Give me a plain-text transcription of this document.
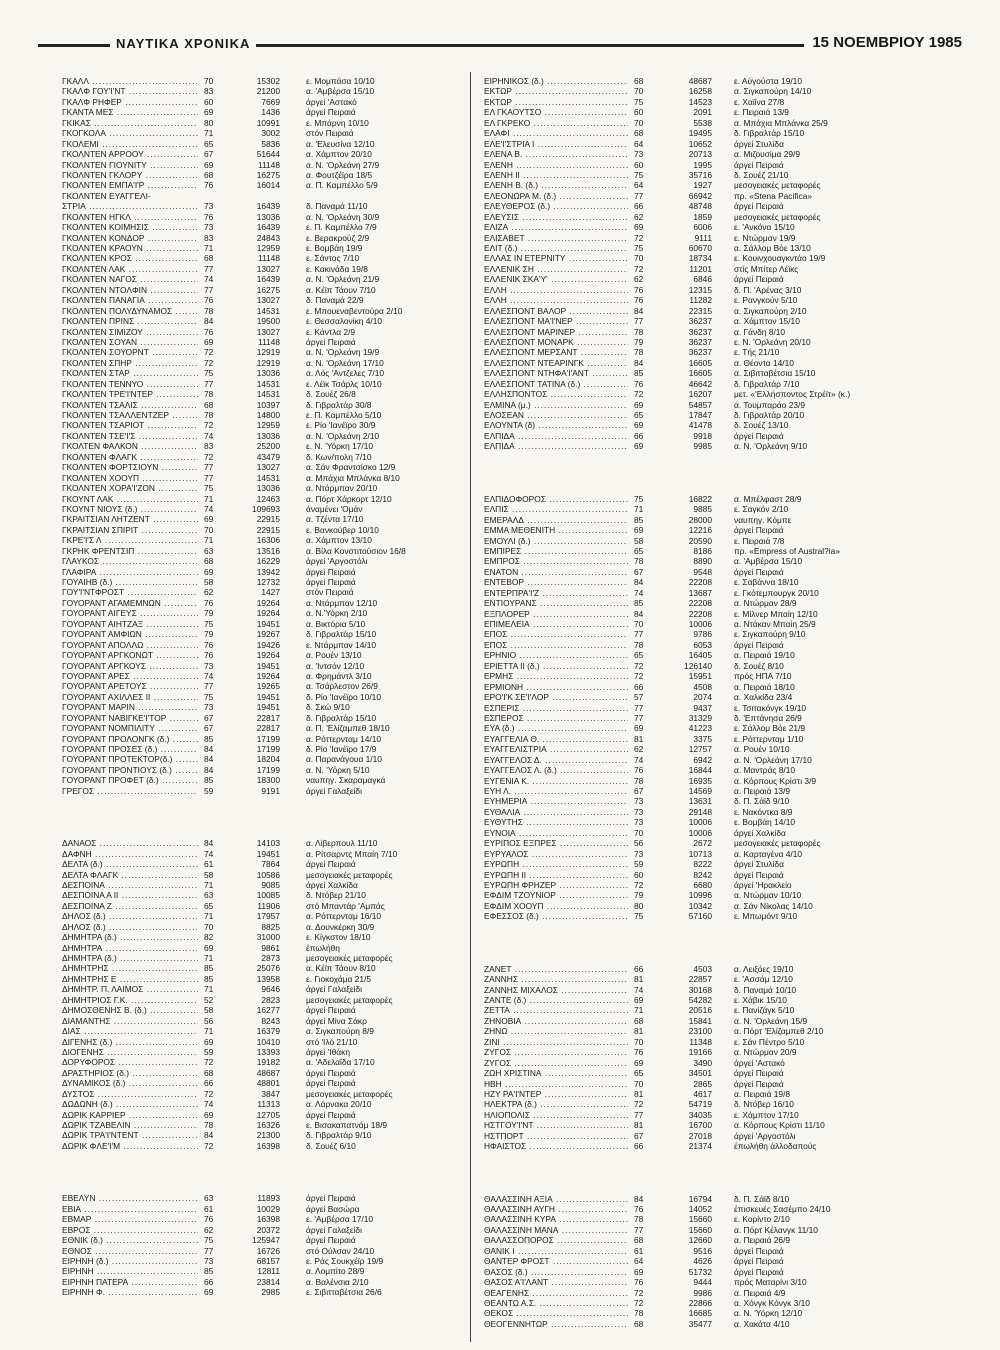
ΝΑΥΤΙΚΑ ΧΡΟΝΙΚΑ	15 ΝΟΕΜΒΡΙΟΥ 1985
ΓΚΑΛΛ .....	70	15302	ε. Μομπάσα 10/10
ΓΚΑΛΦ ΓΟΥ'Ι'ΝΤ .....	83	21200	α. 'Αμβέρσα 15/10
ΓΚΑΛΦ ΡΗΦΕΡ .....	60	7669	άργεί 'Αστακό
ΓΚΑΝΤΑ ΜΕΣ .....	69	1436	άργεί Πειραιά
ΓΚΙΚΑΣ .....	80	10991	ε. Μπάρνη 10/10
ΓΚΟΓΚΟΛΑ .....	71	3002	στόν Πειραιά
ΓΚΟΛΕΜΙ .....	65	5836	α. 'Ελευσίνα 12/10
ΓΚΟΛΝΤΕΝ ΑΡΡΟΟΥ .....	67	51644	α. Χάμπτον 20/10
ΓΚΟΛΝΤΕΝ ΓΙΟΥΝΙΤΥ .....	69	11148	α. Ν. 'Ορλεάνη 27/9
ΓΚΟΛΝΤΕΝ ΓΚΛΟΡΥ .....	68	16275	α. Φουτζέϊρα 18/5
ΓΚΟΛΝΤΕΝ ΕΜΠΑ'Ι'Ρ .....	76	16014	α. Π. Καμπέλλο 5/9
ΓΚΟΛΝΤΕΝ ΕΥΑΓΓΕΛΙ-
ΣΤΡΙΑ .....	73	16439	δ. Παναμά 11/10
ΓΚΟΛΝΤΕΝ ΗΓΚΛ .....	76	13036	α. Ν. 'Ορλεάνη 30/9
ΓΚΟΛΝΤΕΝ ΚΟΙΜΗΣΙΣ .....	73	16439	ε. Π. Καμπέλλο 7/9
ΓΚΟΛΝΤΕΝ ΚΟΝΔΟΡ .....	83	24843	ε. Βερακρούζ 2/9
ΓΚΟΛΝΤΕΝ ΚΡΑΟΥΝ .....	71	12959	ε. Βομβάη 19/9
ΓΚΟΛΝΤΕΝ ΚΡΟΣ .....	68	11148	ε. Σάντος 7/10
ΓΚΟΛΝΤΕΝ ΛΑΚ .....	77	13027	ε. Κακινάδα 19/8
ΓΚΟΛΝΤΕΝ ΝΑΓΟΣ .....	74	16439	α. Ν. 'Ορλεάνη 21/9
ΓΚΟΛΝΤΕΝ ΝΤΟΛΦΙΝ .....	77	16275	α. Κέϊπ Τάουν 7/10
ΓΚΟΛΝΤΕΝ ΠΑΝΑΓΙΑ .....	76	13027	δ. Παναμά 22/9
ΓΚΟΛΝΤΕΝ ΠΟΛΥΔΥΝΑΜΟΣ .....	78	14531	ε. Μπουεναβεντούρα 2/10
ΓΚΟΛΝΤΕΝ ΠΡΙΝΣ .....	84	19500	ε. Θεσσαλονίκη 4/10
ΓΚΟΛΝΤΕΝ ΣΙΜΙΖΟΥ .....	76	13027	ε. Κάντλα 2/9
ΓΚΟΛΝΤΕΝ ΣΟΥΑΝ .....	69	11148	άργεί Πειραιά
ΓΚΟΛΝΤΕΝ ΣΟΥΟΡΝΤ .....	72	12919	α. Ν. 'Ορλεάνη 19/9
ΓΚΟΛΝΤΕΝ ΣΠΗΡ .....	72	12919	α. Ν. 'Ορλεάνη 17/10
ΓΚΟΛΝΤΕΝ ΣΤΑΡ .....	75	13036	α. Λός 'Αντζελες 7/10
ΓΚΟΛΝΤΕΝ ΤΕΝΝΥΟ .....	77	14531	ε. Λέϊκ Τσάρλς 10/10
ΓΚΟΛΝΤΕΝ ΤΡΕ'Ι'ΝΤΕΡ .....	78	14531	δ. Σουέζ 26/8
ΓΚΟΛΝΤΕΝ ΤΣΑΛΙΣ .....	68	10397	δ. Γιβραλτάρ 30/8
ΓΚΟΛΝΤΕΝ ΤΣΑΛΛΕΝΤΖΕΡ .....	78	14800	ε. Π. Καμπέλλο 5/10
ΓΚΟΛΝΤΕΝ ΤΣΑΡΙΟΤ .....	72	12959	ε. Ρίο 'Ιανέϊρο 30/9
ΓΚΟΛΝΤΕΝ ΤΣΕ'Ι'Σ .....	74	13036	α. Ν. 'Ορλεάνη 2/10
ΓΚΟΛΤΕΝ ΦΑΛΚΟΝ .....	83	25200	ε. Ν. 'Υόρκη 17/10
ΓΚΟΛΝΤΕΝ ΦΛΑΓΚ .....	72	43479	δ. Κων/πολη 7/10
ΓΚΟΛΝΤΕΝ ΦΟΡΤΣΙΟΥΝ .....	77	13027	α. Σάν Φραντσίσκο 12/9
ΓΚΟΛΝΤΕΝ ΧΟΟΥΠ .....	77	14531	α. Μπάχια Μπλάνκα 8/10
ΓΚΟΛΝΤΕΝ ΧΟΡΑ'Ι'ΖΟΝ .....	75	13036	α. Ντάρμπαν 20/10
ΓΚΟΥΝΤ ΛΑΚ .....	71	12463	α. Πόρτ Χάρκορτ 12/10
ΓΚΟΥΝΤ ΝΙΟΥΣ (δ.) .....	74	109693	άναμένει 'Ομάν
ΓΚΡΑΙΤΣΙΑΝ ΛΗΤΖΕΝΤ .....	69	22915	α. Τζέντα 17/10
ΓΚΡΑΙΤΣΙΑΝ ΣΠΙΡΙΤ .....	70	22915	ε. Βανκούβερ 10/10
ΓΚΡΕ'Ι'Σ Λ .....	71	16306	α. Χάμπτον 13/10
ΓΚΡΗΚ ΦΡΕΝΤΣΙΠ .....	63	13516	α. Βίλα Κονστιτούσιον 16/8
ΓΛΑΥΚΟΣ .....	68	16229	άργεί 'Αργοστόλι
ΓΛΑΦΙΡΑ .....	69	13942	άργεί Πειραιά
ΓΟΥΑΙΗΒ (δ.) .....	58	12732	άργεί Πειραιά
ΓΟΥ'Ι'ΝΤΦΡΟΣΤ .....	62	1427	στόν Πειραιά
ΓΟΥΟΡΑΝΤ ΑΓΑΜΕΜΝΩΝ .....	76	19264	α. Ντάρμπαν 12/10
ΓΟΥΟΡΑΝΤ ΑΙΓΕΥΣ .....	79	19264	α. Ν.'Υόρκη 2/10
ΓΟΥΟΡΑΝΤ ΑΙΗΤΖΑΞ .....	75	19451	α. Βικτόρια 5/10
ΓΟΥΟΡΑΝΤ ΑΜΦΙΩΝ .....	79	19267	δ. Γιβραλτάρ 15/10
ΓΟΥΟΡΑΝΤ ΑΠΟΛΛΩ .....	76	19426	ε. Ντάρμπαν 14/10
ΓΟΥΟΡΑΝΤ ΑΡΓΚΟΝΩΤ .....	76	19264	α. Ρουέν 13/10
ΓΟΥΟΡΑΝΤ ΑΡΓΚΟΥΣ .....	73	19451	α. 'Ιντσόν 12/10
ΓΟΥΟΡΑΝΤ ΑΡΕΣ .....	74	19264	α. Φρημάντλ 3/10
ΓΟΥΟΡΑΝΤ ΑΡΕΤΟΥΣ .....	77	19265	α. Τσάρλεστον 26/9
ΓΟΥΟΡΑΝΤ ΑΧΙΛΛΕΣ ΙΙ .....	75	19451	δ. Ρίο 'Ιανέϊρο 10/10
ΓΟΥΟΡΑΝΤ ΜΑΡΙΝ .....	73	19451	δ. Σκώ 9/10
ΓΟΥΟΡΑΝΤ ΝΑΒΙΓΚΕ'Ι'ΤΟΡ .....	67	22817	δ. Γιβραλτάρ 15/10
ΓΟΥΟΡΑΝΤ ΝΟΜΠΙΛΙΤΥ .....	67	22817	α. Π. 'Ελίζαμπεθ 18/10
ΓΟΥΟΡΑΝΤ ΠΡΟΛΟΝΓΚ (δ.) .....	85	17199	α. Ρόττερνταμ 14/10
ΓΟΥΟΡΑΝΤ ΠΡΟΣΕΣ (δ.) .....	84	17199	δ. Ρίο 'Ιανέϊρο 17/9
ΓΟΥΟΡΑΝΤ ΠΡΟΤΕΚΤΟΡ(δ.) .....	84	18204	α. Παρανάγουα 1/10
ΓΟΥΟΡΑΝΤ ΠΡΟΝΤΙΟΥΣ (δ.) .....	84	17199	α. Ν. 'Υόρκη 5/10
ΓΟΥΟΡΑΝΤ ΠΡΟΦΕΤ (δ.) .....	85	18300	ναυπηγ. Σκαραμαγκά
ΓΡΕΓΟΣ .....	59	9191	άργεί Γαλαξείδι
ΔΑΝΑΟΣ .....	84	14103	α. Λίβερπουλ 11/10
ΔΑΦΝΗ .....	74	19451	α. Ρίτσαρντς Μπαίη 7/10
ΔΕΛΤΑ (δ.) .....	61	7864	άργεί Πειραιά
ΔΕΛΤΑ ΦΛΑΓΚ .....	58	10586	μεσογειακές μεταφορές
ΔΕΣΠΟΙΝΑ .....	71	9085	άργεί Χαλκίδα
ΔΕΣΠΟΙΝΑ Α ΙΙ .....	63	10085	δ. Ντόβερ 21/10
ΔΕΣΠΟΙΝΑ Ζ .....	65	11906	στό Μπαντάρ 'Αμπάς
ΔΗΛΟΣ (δ.) .....	71	17957	α. Ρόττερνταμ 16/10
ΔΗΛΟΣ (δ.) .....	70	8825	α. Δουνκέρκη 30/9
ΔΗΜΗΤΡΑ (δ.) .....	82	31000	ε. Κίγκστον 18/10
ΔΗΜΗΤΡΑ .....	69	9861	έπωλήθη
ΔΗΜΗΤΡΑ (δ.) .....	71	2873	μεσογειακές μεταφορές
ΔΗΜΗΤΡΗΣ .....	85	25076	α. Κέϊπ Τάουν 8/10
ΔΗΜΗΤΡΗΣ Ε .....	85	13958	ε. Γιοκοχάμα 21/5
ΔΗΜΗΤΡ. Π. ΛΑΙΜΟΣ .....	71	9646	άργεί Γαλαξείδι
ΔΗΜΗΤΡΙΟΣ Γ.Κ. .....	52	2823	μεσογειακές μεταφορές
ΔΗΜΟΣΘΕΝΗΣ Β. (δ.) .....	58	16277	άργεί Πειραιά
ΔΙΑΜΑΝΤΗΣ .....	56	8243	άργεί Μίνα Σάκρ
ΔΙΑΣ .....	71	16379	α. Σιγκαπούρη 8/9
ΔΙΓΕΝΗΣ (δ.) .....	69	10410	στό 'Ιλό 21/10
ΔΙΟΓΕΝΗΣ .....	59	13393	άργεί 'Ιθάκη
ΔΟΡΥΦΟΡΟΣ .....	72	19182	α. 'Αδελαΐδα 17/10
ΔΡΑΣΤΗΡΙΟΣ (δ.) .....	68	48687	άργεί Πειραιά
ΔΥΝΑΜΙΚΟΣ (δ.) .....	66	48801	άργεί Πειραιά
ΔΥΣΤΟΣ .....	72	3847	μεσογειακές μεταφορές
ΔΩΔΩΝΗ (δ.) .....	74	11313	α. Λάρνακα 20/10
ΔΩΡΙΚ ΚΑΡΡΙΕΡ .....	69	12705	άργεί Πειραιά
ΔΩΡΙΚ ΤΖΑΒΕΛΙΝ .....	78	16326	ε. Βισακαπατνάμ 18/9
ΔΩΡΙΚ ΤΡΑ'Ι'ΝΤΕΝΤ .....	84	21300	δ. Γιβραλτάρ 9/10
ΔΩΡΙΚ ΦΛΕ'Ι'Μ .....	72	16398	δ. Σουέζ 6/10
ΕΒΕΛΥΝ .....	63	11893	άργεί Πειραιά
ΕΒΙΑ .....	61	10029	άργεί Βασώρα
ΕΒΜΑΡ .....	76	16398	ε. 'Αμβέρσα 17/10
ΕΒΡΟΣ .....	62	20372	άργεί Γαλαξείδι
ΕΘΝΙΚ (δ.) .....	75	125947	άργεί Πειραιά
ΕΘΝΟΣ .....	77	16726	στό Ούλσαν 24/10
ΕΙΡΗΝΗ (δ.) .....	73	68157	ε. Ράς Σουκχέϊρ 19/9
ΕΙΡΗΝΗ .....	85	12811	α. Λομπίτο 28/9
ΕΙΡΗΝΗ ΠΑΤΕΡΑ .....	66	23814	α. Βαλένσια 2/10
ΕΙΡΗΝΗ Φ. .....	69	2985	ε. Σιβιτταβέτσια 26/6
ΕΙΡΗΝΙΚΟΣ (δ.) .....	68	48687	ε. Αύγούστα 19/10
ΕΚΤΩΡ .....	70	16258	α. Σιγκαπούρη 14/10
ΕΚΤΩΡ .....	75	14523	ε. Χαϊίνα 27/8
ΕΛ ΓΚΑΟΥΤΣΟ .....	60	2091	ε. Πειραιά 13/9
ΕΛ ΓΚΡΕΚΟ .....	70	5538	α. Μπάχια Μπλάνκα 25/9
ΕΛΑΦΙ .....	68	19495	δ. Γιβραλτάρ 15/10
ΕΛΕ'Ι'ΣΤΡΙΑ Ι .....	64	10652	άργεί Στυλίδα
ΕΛΕΝΑ Β. .....	73	20713	α. Μιζουσίμα 29/9
ΕΛΕΝΗ .....	60	1995	άργεί Πειραιά
ΕΛΕΝΗ ΙΙ .....	75	35716	δ. Σουέζ 21/10
ΕΛΕΝΗ Β. (δ.) .....	64	1927	μεσογειακές μεταφορές
ΕΛΕΟΝΩΡΑ Μ. (δ.) .....	77	66942	πρ. «Stena Pacifica»
ΕΛΕΥΘΕΡΟΣ (δ.) .....	66	48748	άργεί Πειραιά
ΕΛΕΥΣΙΣ .....	62	1859	μεσογειακές μεταφορές
ΕΛΙΖΑ .....	69	6006	ε. 'Ανκόνα 15/10
ΕΛΙΣΑΒΕΤ .....	72	9111	ε. Ντώρμαν 19/9
ΕΛΙΤ (δ.) .....	75	60670	α. Σάλλομ Βόε 13/10
ΕΛΛΑΣ ΙΝ ΕΤΕΡΝΙΤΥ .....	70	18734	ε. Κουινχουαγκντάο 19/9
ΕΛΛΕΝΙΚ ΣΗ .....	72	11201	στίς Μπίτερ Λέϊκς
ΕΛΛΕΝΙΚ ΣΚΑ'Υ' .....	62	6846	άργεί Πειραιά
ΕΛΛΗ .....	76	12315	δ. Π. 'Αρένας 3/10
ΕΛΛΗ .....	76	11282	ε. Ρανγκούν 5/10
ΕΛΛΕΣΠΟΝΤ ΒΑΛΟΡ .....	84	22315	α. Σιγκαπούρη 2/10
ΕΛΛΕΣΠΟΝΤ ΜΑ'Ι'ΝΕΡ .....	77	36237	α. Χάμπτον 15/10
ΕΛΛΕΣΠΟΝΤ ΜΑΡΙΝΕΡ .....	78	36237	α. Γάνδη 8/10
ΕΛΛΕΣΠΟΝΤ ΜΟΝΑΡΚ .....	79	36237	ε. Ν. 'Ορλεάνη 20/10
ΕΛΛΕΣΠΟΝΤ ΜΕΡΣΑΝΤ .....	78	36237	ε. Τής 21/10
ΕΛΛΕΣΠΟΝΤ ΝΤΕΑΡΙΝΓΚ .....	84	16605	α. Θέοντα 14/10
ΕΛΛΕΣΠΟΝΤ ΝΤΗΦΑ'Ι'ΑΝΤ .....	85	16605	α. Σιβιτταβέτσια 15/10
ΕΛΛΕΣΠΟΝΤ ΤΑΤΙΝΑ (δ.) .....	76	46642	δ. Γιβραλτάρ 7/10
ΕΛΛΗΣΠΟΝΤΟΣ .....	72	16207	μετ. «'Ελλήσποντος Στρέϊτ» (κ.)
ΕΛΜΙΝΑ (μ.) .....	69	54857	α. Τουμπαράο 23/9
ΕΛΟΣΕΑΝ .....	65	17847	δ. Γιβραλτάρ 20/10
ΕΛΟΥΝΤΑ (δ) .....	69	41478	δ. Σουέζ 13/10
ΕΛΠΙΔΑ .....	66	9918	άργεί Πειραιά
ΕΛΠΙΔΑ .....	69	9985	α. Ν. 'Ορλεάνη 9/10
ΕΛΠΙΔΟΦΟΡΟΣ .....	75	16822	α. Μπέλφαστ 28/9
ΕΛΠΙΣ .....	71	9885	ε. Σαγκόν 2/10
ΕΜΕΡΑΛΔ .....	85	28000	ναυπηγ. Κόμπε
ΕΜΜΑ ΜΕΘΕΝΙΤΗ .....	69	12216	άργεί Πειραιά
ΕΜΟΥΛΙ (δ.) .....	58	20590	ε. Πειραιά 7/8
ΕΜΠΙΡΕΣ .....	65	8186	πρ. «Empress of Austral?ia»
ΕΜΠΡΟΣ .....	78	8890	α. 'Αμβέρσα 15/10
ΕΝΑΤΟΝ .....	67	9548	άργεί Πειραιά
ΕΝΤΕΒΟΡ .....	84	22208	ε. Σαβάννα 18/10
ΕΝΤΕΡΠΡΑ'Ι'Ζ .....	74	13687	ε. Γκότεμπουργκ 20/10
ΕΝΤΙΟΥΡΑΝΣ .....	85	22208	α. Ντώρμαν 28/9
ΕΞΠΛΟΡΕΡ .....	84	22208	ε. Μίλνερ Μπαίη 12/10
ΕΠΙΜΕΛΕΙΑ .....	70	10006	α. Ντάκαν Μπαίη 25/9
ΕΠΟΣ .....	77	9786	ε. Σιγκαπούρη 9/10
ΕΠΟΣ .....	78	6053	άργεί Πειραιά
ΕΡΗΝΙΟ .....	65	16405	α. Πειραιά 19/10
ΕΡΙΕΤΤΑ ΙΙ (δ.) .....	72	126140	δ. Σουέζ 8/10
ΕΡΜΗΣ .....	72	15951	πρός ΗΠΑ 7/10
ΕΡΜΙΟΝΗ .....	66	4508	α. Πειραιά 18/10
ΕΡΟ'Ι'Κ ΣΕ'Ι'ΛΟΡ .....	57	2074	α. Χαλκίδα 23/4
ΕΣΠΕΡΙΣ .....	77	9437	ε. Τσιτακόνγκ 19/10
ΕΣΠΕΡΟΣ .....	77	31329	δ. 'Επτάνησα 26/9
ΕΥΑ (δ.) .....	69	41223	ε. Σάλλομ Βόε 21/9
ΕΥΑΓΓΕΛΙΑ Θ. .....	81	3375	ε. Ρόττερνταμ 1/10
ΕΥΑΓΓΕΛΙΣΤΡΙΑ .....	62	12757	α. Ρουέν 10/10
ΕΥΑΓΓΕΛΟΣ Δ. .....	74	6942	α. Ν. 'Ορλεάνη 17/10
ΕΥΑΓΓΕΛΟΣ Λ. (δ.) .....	76	16844	α. Μαντράς 8/10
ΕΥΓΕΝΙΑ Κ. .....	78	16935	α. Κόρπους Κρίστι 3/9
ΕΥΗ Λ. .....	67	14569	α. Πειραιά 13/9
ΕΥΗΜΕΡΙΑ .....	73	13631	δ. Π. Σάϊδ 9/10
ΕΥΘΑΛΙΑ .....	73	29148	ε. Νακόντκα 8/9
ΕΥΘΥΤΗΣ .....	73	10006	ε. Βομβάη 14/10
ΕΥΝΟΙΑ .....	70	10006	άργεί Χαλκίδα
ΕΥΡΙΠΟΣ ΕΞΠΡΕΣ .....	56	2672	μεσογειακές μεταφορές
ΕΥΡΥΑΛΟΣ .....	73	10713	α. Καρταγένα 4/10
ΕΥΡΩΠΗ .....	59	8222	άργεί Στυλίδα
ΕΥΡΩΠΗ ΙΙ .....	60	8242	άργεί Πειραιά
ΕΥΡΩΠΗ ΦΡΗΖΕΡ .....	72	6680	άργεί 'Ηρακλείο
ΕΦΔΙΜ ΤΖΟΥΝΙΟΡ .....	79	10996	α. Ντώρμαν 10/10
ΕΦΔΙΜ ΧΟΟΥΠ .....	80	10342	α. Σάν Νίκολας 14/10
ΕΦΕΣΣΟΣ (δ.) .....	75	57160	ε. Μπωμόντ 9/10
ΖΑΝΕΤ .....	66	4503	α. Λειξόες 19/10
ΖΑΝΝΗΣ .....	81	22857	ε. 'Ασσάμ 12/10
ΖΑΝΝΗΣ ΜΙΧΑΛΟΣ .....	74	30168	δ. Παναμά 10/10
ΖΑΝΤΕ (δ.) .....	69	54282	ε. Χάβικ 15/10
ΖΕΤΤΑ .....	71	20516	ε. Πανίζάγκ 5/10
ΖΗΝΟΒΙΑ .....	68	15841	α. Ν. 'Ορλεάνη 15/9
ΖΗΝΩ .....	81	23100	α. Πόρτ 'Ελίζαμπεθ 2/10
ΖΙΝΙ .....	70	11348	ε. Σάν Πέντρο 5/10
ΖΥΓΟΣ .....	76	19166	α. Ντώρμαν 20/9
ΖΥΓΟΣ .....	69	3490	άργεί 'Αστακό
ΖΩΗ ΧΡΙΣΤΙΝΑ .....	65	34501	άργεί Πειραιά
ΗΒΗ .....	70	2865	άργεί Πειραιά
ΗΖΥ ΡΑ'Ι'ΝΤΕΡ .....	81	4617	α. Πειραιά 19/8
ΗΛΕΚΤΡΑ (δ.) .....	72	54719	δ. Ντόβερ 16/10
ΗΛΙΟΠΟΛΙΣ .....	77	34035	ε. Χάμπτον 17/10
ΗΣΤΓΟΥ'Ι'ΝΤ .....	81	16700	α. Κόρπους Κρίστι 11/10
ΗΣΤΠΟΡΤ .....	67	27018	άργεί 'Αργοστόλι
ΗΦΑΙΣΤΟΣ .....	66	21374	έπωλήθη άλλοδαπούς
ΘΑΛΑΣΣΙΝΗ ΑΞΙΑ .....	84	16794	δ. Π. Σάϊδ 8/10
ΘΑΛΑΣΣΙΝΗ ΑΥΓΗ .....	76	14052	έπισκευές Σασέμπο 24/10
ΘΑΛΑΣΣΙΝΗ ΚΥΡΑ .....	78	15660	ε. Κορίντο 2/10
ΘΑΛΑΣΣΙΝΗ ΜΑΝΑ .....	77	15660	α. Πόρτ Κέλανγκ 11/10
ΘΑΛΑΣΣΟΠΟΡΟΣ .....	68	12660	α. Πειραιά 26/9
ΘΑΝΙΚ Ι .....	61	9516	άργεί Πειραιά
ΘΑΝΤΕΡ ΦΡΟΣΤ .....	64	4626	άργεί Πειραιά
ΘΑΣΟΣ (δ.) .....	69	51732	άργεί Πειραιά
ΘΑΣΟΣ Α'Ι'ΛΑΝΤ .....	76	9444	πρός Ματαρίνι 3/10
ΘΕΑΓΕΝΗΣ .....	72	9986	α. Πειραιά 4/9
ΘΕΑΝΤΩ Α.Σ. .....	72	22866	α. Χόνγκ Κόνγκ 3/10
ΘΕΚΟΣ .....	78	16685	α. Ν. 'Υόρκη 12/10
ΘΕΟΓΕΝΝΗΤΩΡ .....	68	35477	α. Χακάτα 4/10
